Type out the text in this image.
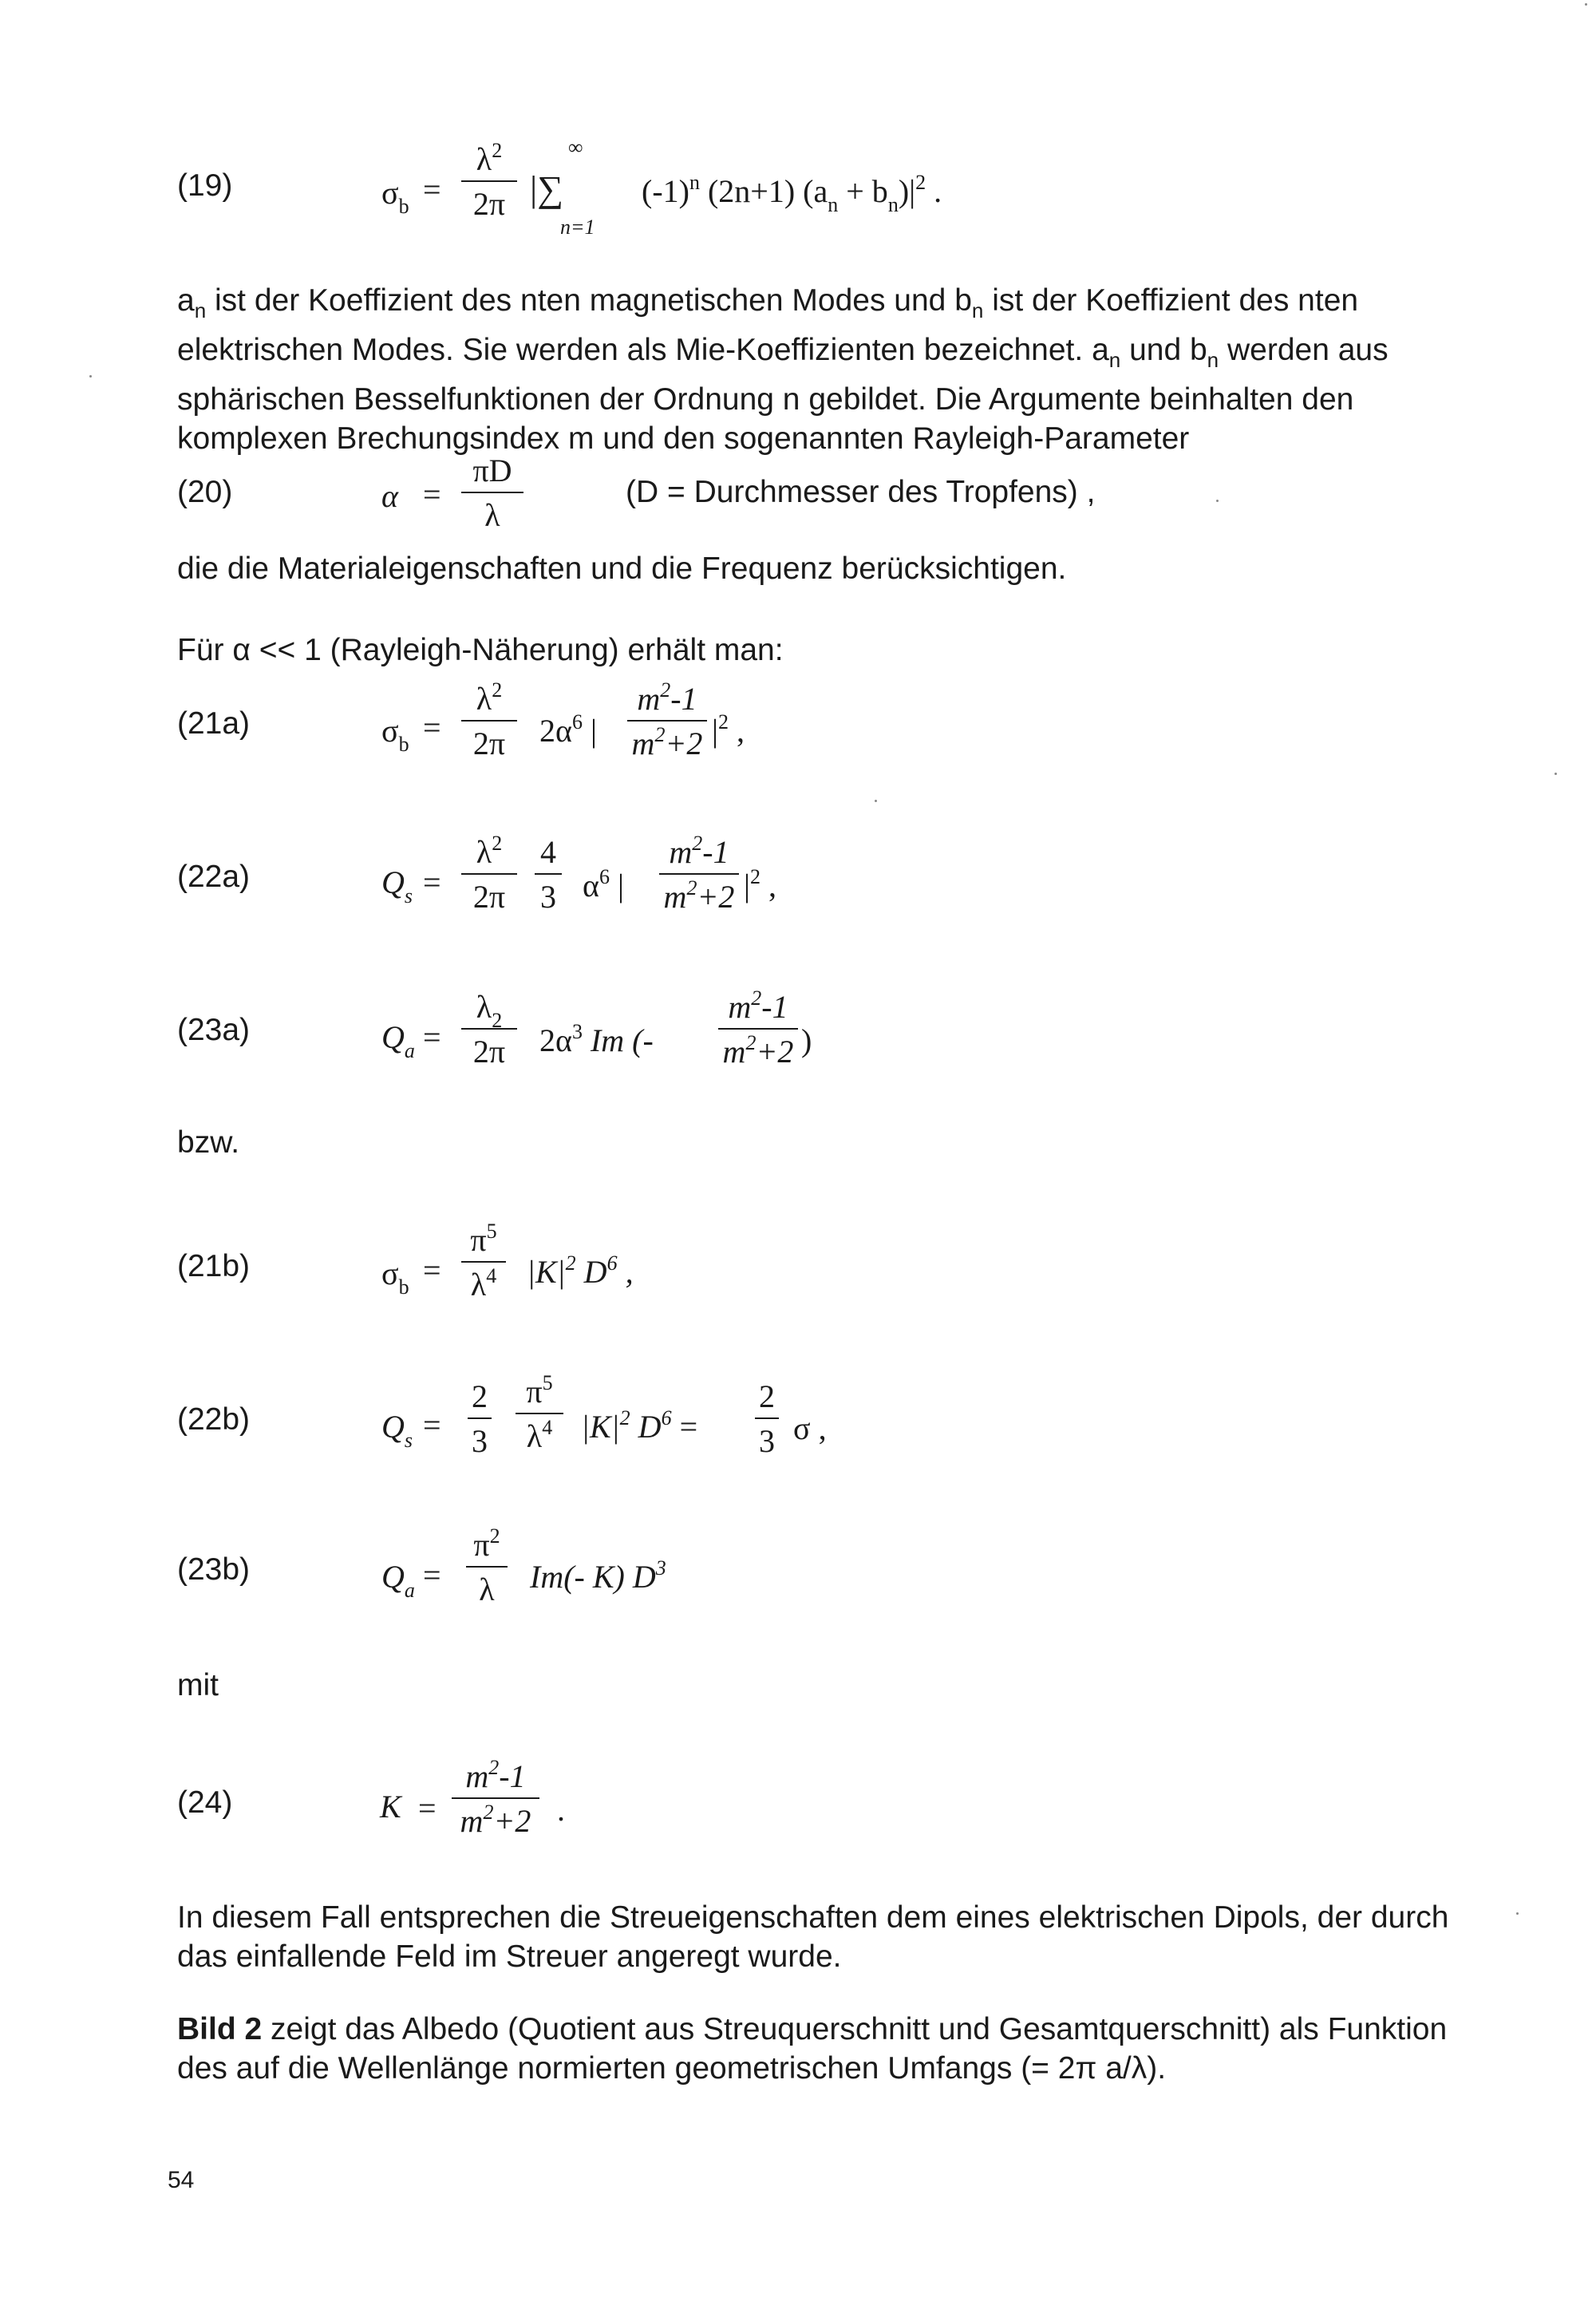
$a_n$ ist der Koeffizient des nten magnetischen Modes und $b_n$ ist der Koeffizient des nten elektrischen Modes. Sie werden als Mie-Koeffizienten bezeichnet. $a_n$ und $b_n$ werden aus sphärischen Besselfunktionen der Ordnung n gebildet. Die Argumente beinhalten den komplexen Brechungsindex m und den sogenannten Rayleigh-Parameter

(19)	$\sigma_b = \frac{\lambda^2}{2\pi}$ |∑
∞
n=1
$(-1)^n$ (2n+1) $(a_n + b_n)|^2$ .
(20)	$\alpha = \frac{\pi D}{\lambda}$	(D = Durchmesser des Tropfens) ,

die die Materialeigenschaften und die Frequenz berücksichtigen.

Für α << 1 (Rayleigh-Näherung) erhält man:

(21a)	$\sigma_b = \frac{\lambda^2}{2\pi} 2\alpha^6$ | $\frac{m^2-1}{m^2+2} |^2$ ,
(22a)	$Q_s = \frac{\lambda^2}{2\pi} \frac{4}{3} \alpha^6$ | $\frac{m^2-1}{m^2+2} |^2$ ,
(23a)	$Q_a = \frac{\lambda_2}{2\pi} 2\alpha^3$ Im (- $\frac{m^2-1}{m^2+2}$ )
bzw.
(21b)	$\sigma_b = \frac{\pi^5}{\lambda^4} |K|^2$ $D^6$ ,
(22b)	$Q_s = \frac{2}{3} \frac{\pi^5}{\lambda^4} |K|^2$ $D^6 = \frac{2}{3}$ σ ,
(23b)	$Q_a = \frac{\pi^2}{\lambda} Im(-$ K) $D^3$
mit
(24)	$K = \frac{m^2-1}{m^2+2}$ .

In diesem Fall entsprechen die Streueigenschaften dem eines elektrischen Dipols, der durch das einfallende Feld im Streuer angeregt wurde.

Bild 2 zeigt das Albedo (Quotient aus Streuquerschnitt und Gesamtquerschnitt) als Funktion des auf die Wellenlänge normierten geometrischen Umfangs (= 2π a/λ).

54
